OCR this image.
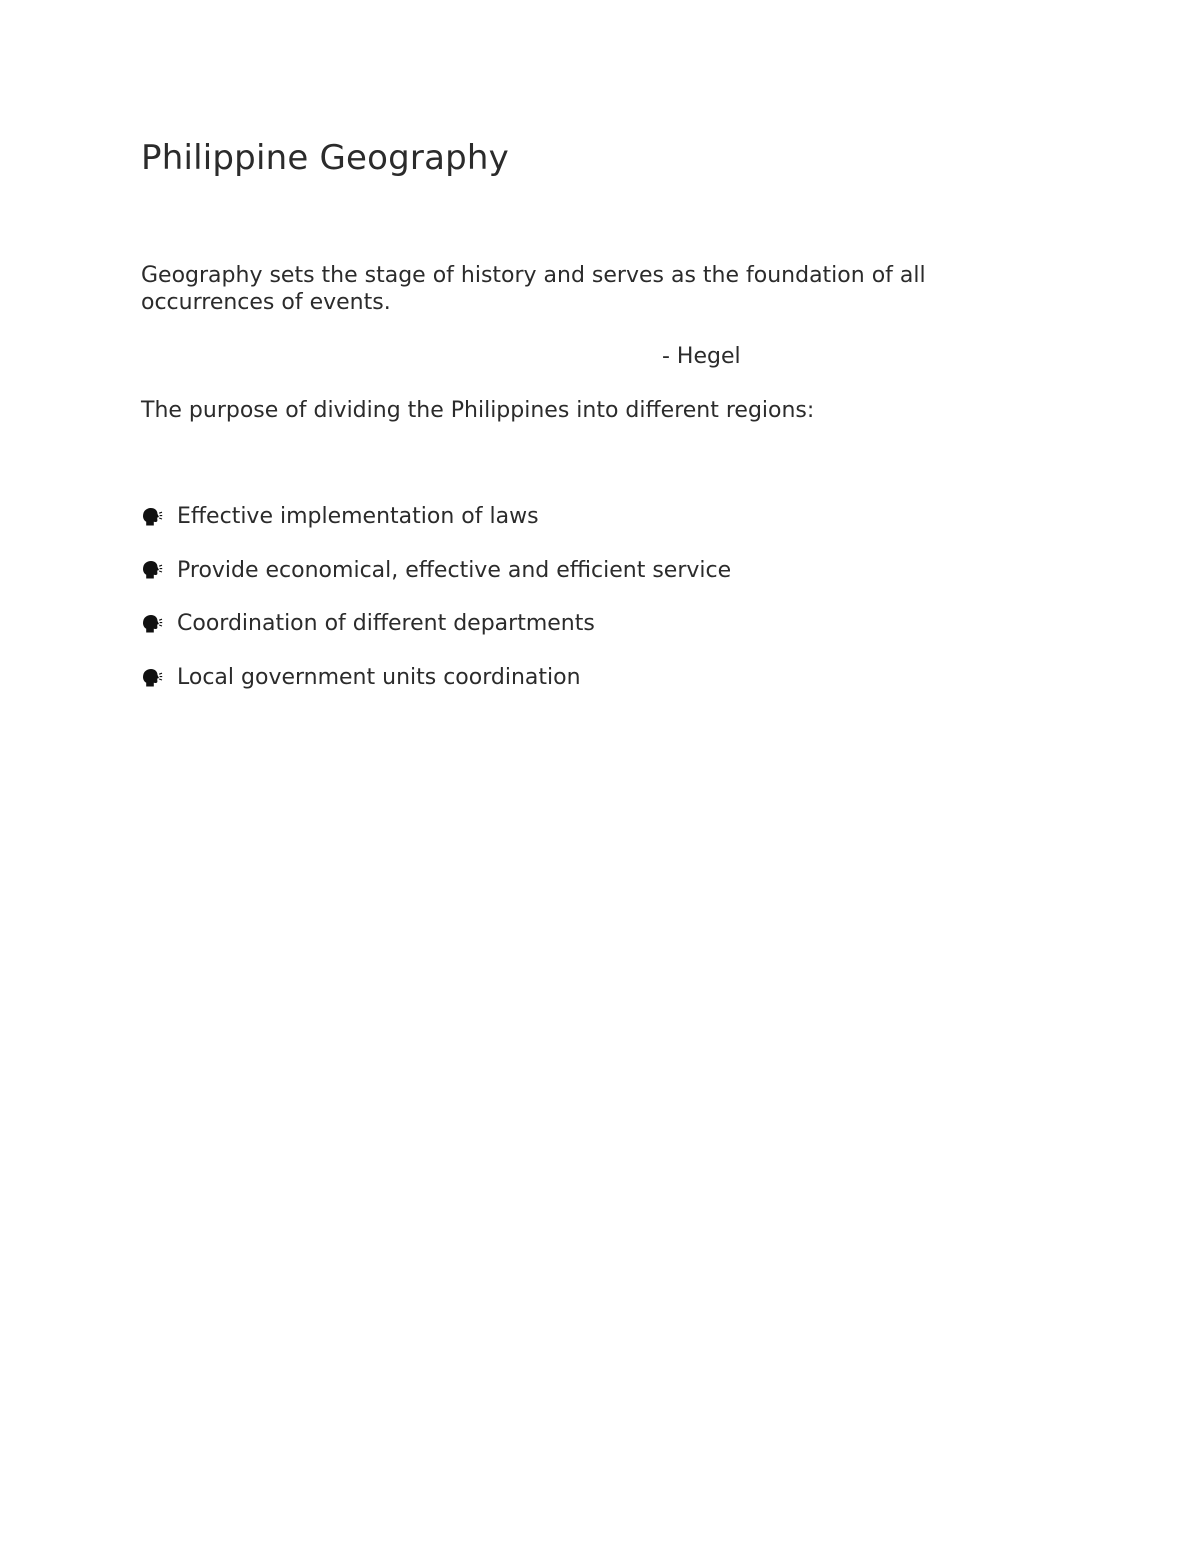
Philippine Geography

Geography sets the stage of history and serves as the foundation of all occurrences of events.

- Hegel

The purpose of dividing the Philippines into different regions:

Effective implementation of laws
Provide economical, effective and efficient service
Coordination of different departments
Local government units coordination
